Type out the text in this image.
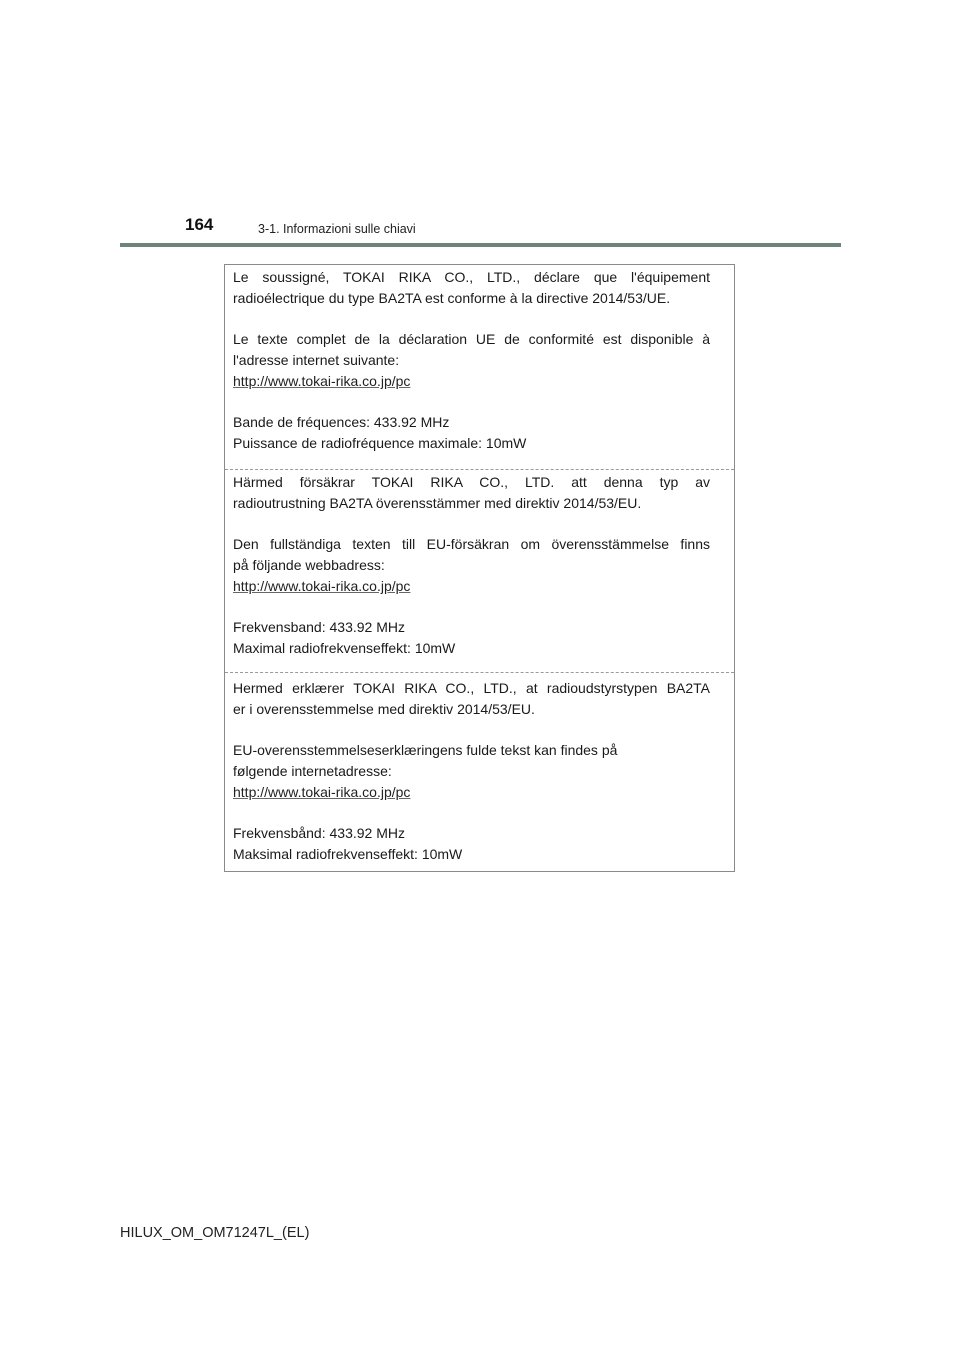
164	3-1. Informazioni sulle chiavi
Le soussigné, TOKAI RIKA CO., LTD., déclare que l'équipement
radioélectrique du type BA2TA est conforme à la directive 2014/53/UE.
Le texte complet de la déclaration UE de conformité est disponible à
l'adresse internet suivante:
http://www.tokai-rika.co.jp/pc
Bande de fréquences: 433.92 MHz
Puissance de radiofréquence maximale: 10mW
Härmed försäkrar TOKAI RIKA CO., LTD. att denna typ av
radioutrustning BA2TA överensstämmer med direktiv 2014/53/EU.
Den fullständiga texten till EU-försäkran om överensstämmelse finns
på följande webbadress:
http://www.tokai-rika.co.jp/pc
Frekvensband: 433.92 MHz
Maximal radiofrekvenseffekt: 10mW
Hermed erklærer TOKAI RIKA CO., LTD., at radioudstyrstypen BA2TA
er i overensstemmelse med direktiv 2014/53/EU.
EU-overensstemmelseserklæringens fulde tekst kan findes på
følgende internetadresse:
http://www.tokai-rika.co.jp/pc
Frekvensbånd: 433.92 MHz
Maksimal radiofrekvenseffekt: 10mW
HILUX_OM_OM71247L_(EL)
